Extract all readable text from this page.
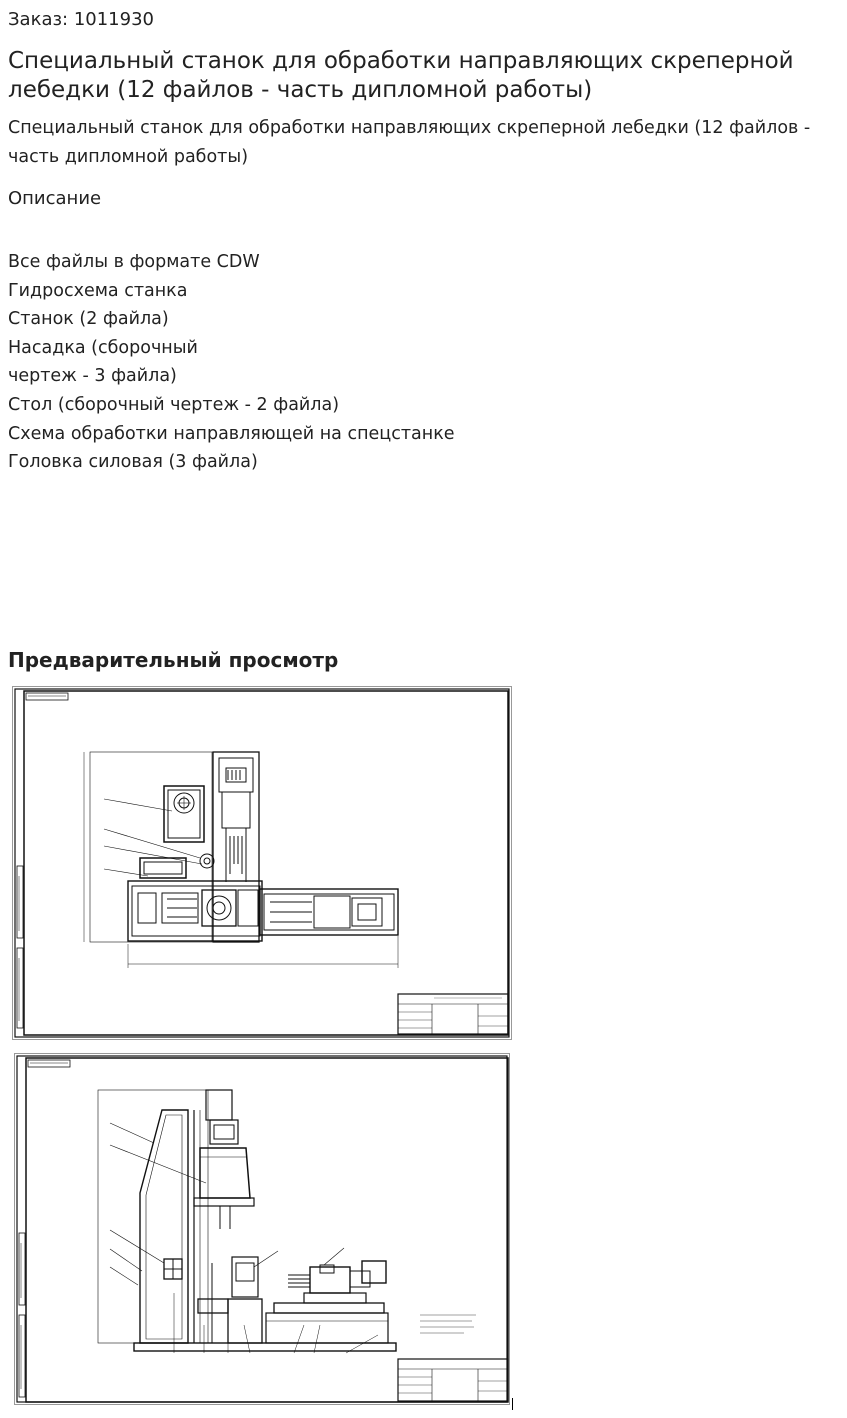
Заказ: 1011930
Специальный станок для обработки направляющих скреперной лебедки (12 файлов - часть дипломной работы)
Специальный станок для обработки направляющих скреперной лебедки (12 файлов - часть дипломной работы)
Описание
Все файлы в формате CDW
Гидросхема станка
Станок (2 файла)
Насадка (сборочный
чертеж - 3 файла)
Стол (сборочный чертеж - 2 файла)
Схема обработки направляющей на спецстанке
Головка силовая (3 файла)
Предварительный просмотр
